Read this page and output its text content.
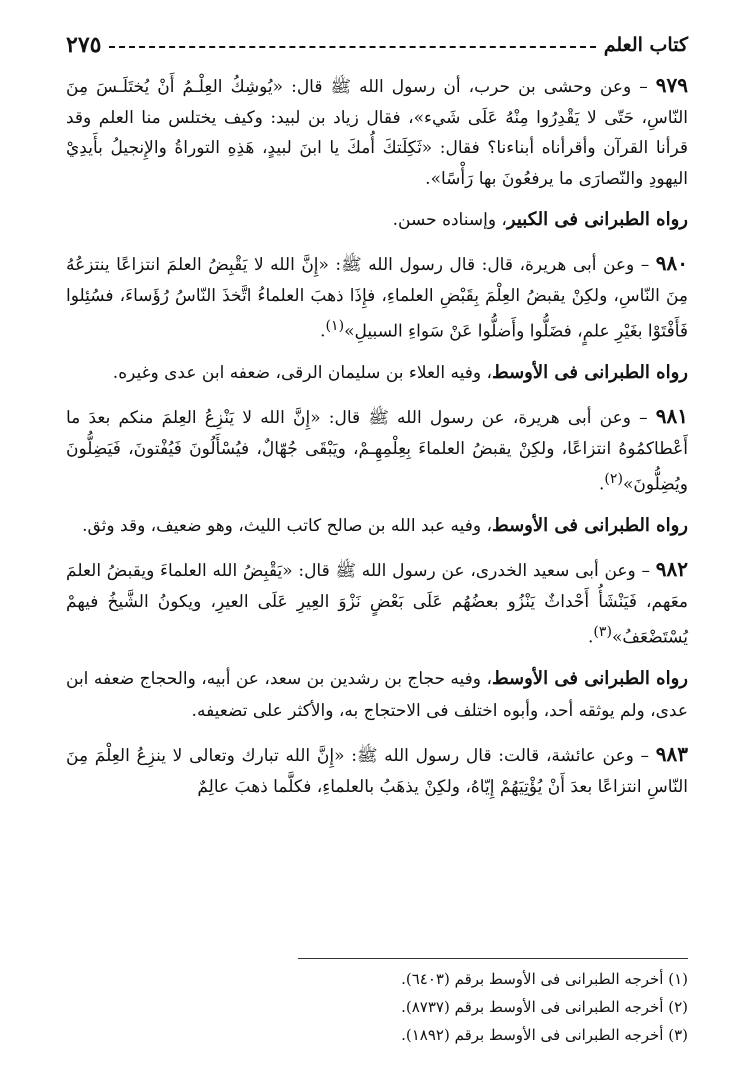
كتاب العلم
٢٧٥

٩٧٩ – وعن وحشى بن حرب، أن رسول الله ﷺ قال: «يُوشِكُ العِلْـمُ أَنْ يُختَلَـسَ مِنَ النّاسِ، حَتّى لا يَقْدِرُوا مِنْهُ عَلَى شَيء»، فقال زياد بن لبيد: وكيف يختلس منا العلم وقد قرأنا القرآن وأقرأناه أبناءنا؟ فقال: «ثَكِلَتكَ أُمكَ يا ابنَ لبيدٍ، هَذِهِ التوراةُ والإِنجيلُ بأَيدِيْ اليهودِ والنّصارَى ما يرفعُونَ بها رَأْسًا».

رواه الطبرانى فى الكبير، وإسناده حسن.

٩٨٠ – وعن أبى هريرة، قال: قال رسول الله ﷺ: «إِنَّ الله لا يَقْبِضُ العلمَ انتزاعًا ينتزعُهُ مِنَ النّاسِ، ولكِنْ يقبضُ العِلْمَ بِقَبْضِ العلماءِ، فإِذَا ذهبَ العلماءُ اتَّخذَ النّاسُ رُؤَساءَ، فسُئِلوا فَأَفْتَوْا بغَيْرِ علمٍ، فضَلُّوا وأَضلُّوا عَنْ سَواءِ السبيلِ»$^{(١)}$.

رواه الطبرانى فى الأوسط، وفيه العلاء بن سليمان الرقى، ضعفه ابن عدى وغيره.

٩٨١ – وعن أبى هريرة، عن رسول الله ﷺ قال: «إِنَّ الله لا يَنْزِعُ العِلمَ منكم بعدَ ما أَعْطاكمُوهُ انتزاعًا، ولكِنْ يقبضُ العلماءَ بِعِلْمِهِـمْ، ويَبْقَى جُهّالٌ، فيُسْأَلُونَ فَيُفْتونَ، فَيَضِلُّونَ ويُضِلُّونَ»$^{(٢)}$.

رواه الطبرانى فى الأوسط، وفيه عبد الله بن صالح كاتب الليث، وهو ضعيف، وقد وثق.

٩٨٢ – وعن أبى سعيد الخدرى، عن رسول الله ﷺ قال: «يَقْبِضُ الله العلماءَ ويقبضُ العلمَ معَهم، فَيَنْشَأُ أَحْداثٌ يَنْزُو بعضُهُم عَلَى بَعْضٍ نَزْوَ العِيرِ عَلَى العيرِ، ويكونُ الشَّيخُ فيهمْ يُسْتَضْعَفُ»$^{(٣)}$.

رواه الطبرانى فى الأوسط، وفيه حجاج بن رشدين بن سعد، عن أبيه، والحجاج ضعفه ابن عدى، ولم يوثقه أحد، وأبوه اختلف فى الاحتجاج به، والأكثر على تضعيفه.

٩٨٣ – وعن عائشة، قالت: قال رسول الله ﷺ: «إِنَّ الله تبارك وتعالى لا ينزِعُ العِلْمَ مِنَ النّاسِ انتزاعًا بعدَ أَنْ يُؤْتِيَهُمْ إِيّاهُ، ولكِنْ يذهَبُ بالعلماءِ، فكلَّما ذهبَ عالِمٌ

(١) أخرجه الطبرانى فى الأوسط برقم (٦٤٠٣).

(٢) أخرجه الطبرانى فى الأوسط برقم (٨٧٣٧).

(٣) أخرجه الطبرانى فى الأوسط برقم (١٨٩٢).
